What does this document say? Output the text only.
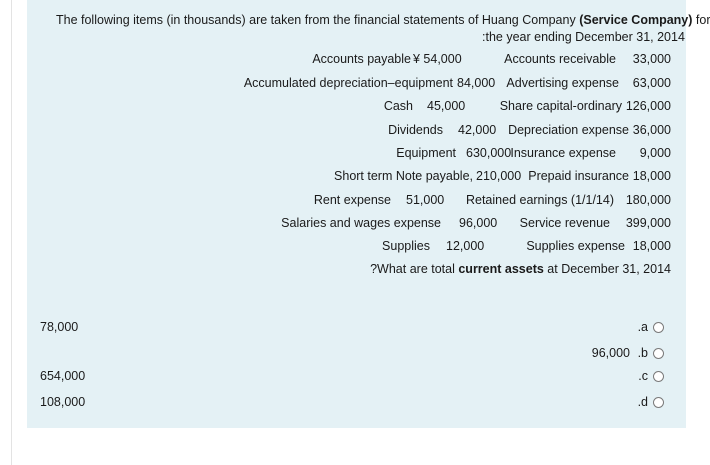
The following items (in thousands) are taken from the financial statements of Huang Company (Service Company) for
:the year ending December 31, 2014
Accounts payable ¥ 54,000	Accounts receivable 33,000
Accumulated depreciation–equipment 84,000 Advertising expense 63,000
Cash 45,000	Share capital-ordinary 126,000
Dividends 42,000 Depreciation expense 36,000
Equipment 630,000 Insurance expense 9,000
Short term Note payable, 210,000 Prepaid insurance 18,000
Rent expense 51,000 Retained earnings (1/1/14) 180,000
Salaries and wages expense 96,000 Service revenue 399,000
Supplies 12,000	Supplies expense 18,000
?What are total current assets at December 31, 2014
78,000	.a
96,000 .b
654,000	.c
108,000	.d
